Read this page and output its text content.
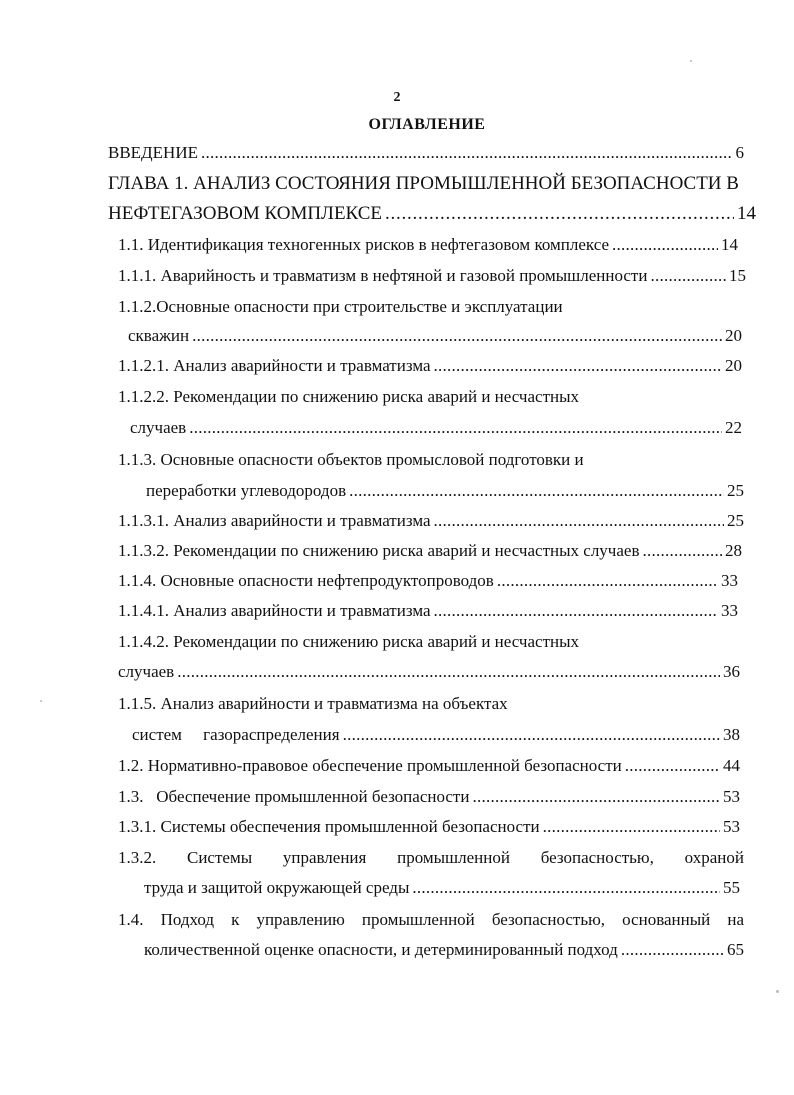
2
ОГЛАВЛЕНИЕ
ВВЕДЕНИЕ . . .	6
ГЛАВА 1. АНАЛИЗ СОСТОЯНИЯ ПРОМЫШЛЕННОЙ БЕЗОПАСНОСТИ В
НЕФТЕГАЗОВОМ КОМПЛЕКСЕ . . .	14
1.1. Идентификация техногенных рисков в нефтегазовом комплексе . . .	14
1.1.1. Аварийность и травматизм в нефтяной и газовой промышленности . . .	15
1.1.2.Основные опасности при строительстве и эксплуатации
скважин . . .	20
1.1.2.1. Анализ аварийности и травматизма . . .	20
1.1.2.2. Рекомендации по снижению риска аварий и несчастных
случаев . . .	22
1.1.3. Основные опасности объектов промысловой подготовки и
переработки углеводородов . . .	25
1.1.3.1. Анализ аварийности и травматизма . . .	25
1.1.3.2. Рекомендации по снижению риска аварий и несчастных случаев . . .	28
1.1.4. Основные опасности нефтепродуктопроводов . . .	33
1.1.4.1. Анализ аварийности и травматизма . . .	33
1.1.4.2. Рекомендации по снижению риска аварий и несчастных
случаев . . .	36
1.1.5. Анализ аварийности и травматизма на объектах
систем     газораспределения . . .	38
1.2. Нормативно-правовое обеспечение промышленной безопасности . . .	44
1.3.   Обеспечение промышленной безопасности . . .	53
1.3.1. Системы обеспечения промышленной безопасности . . .	53
1.3.2. Системы управления промышленной безопасностью, охраной
труда и защитой окружающей среды . . .	55
1.4. Подход к управлению промышленной безопасностью, основанный на
количественной оценке опасности, и детерминированный подход . . .	65
